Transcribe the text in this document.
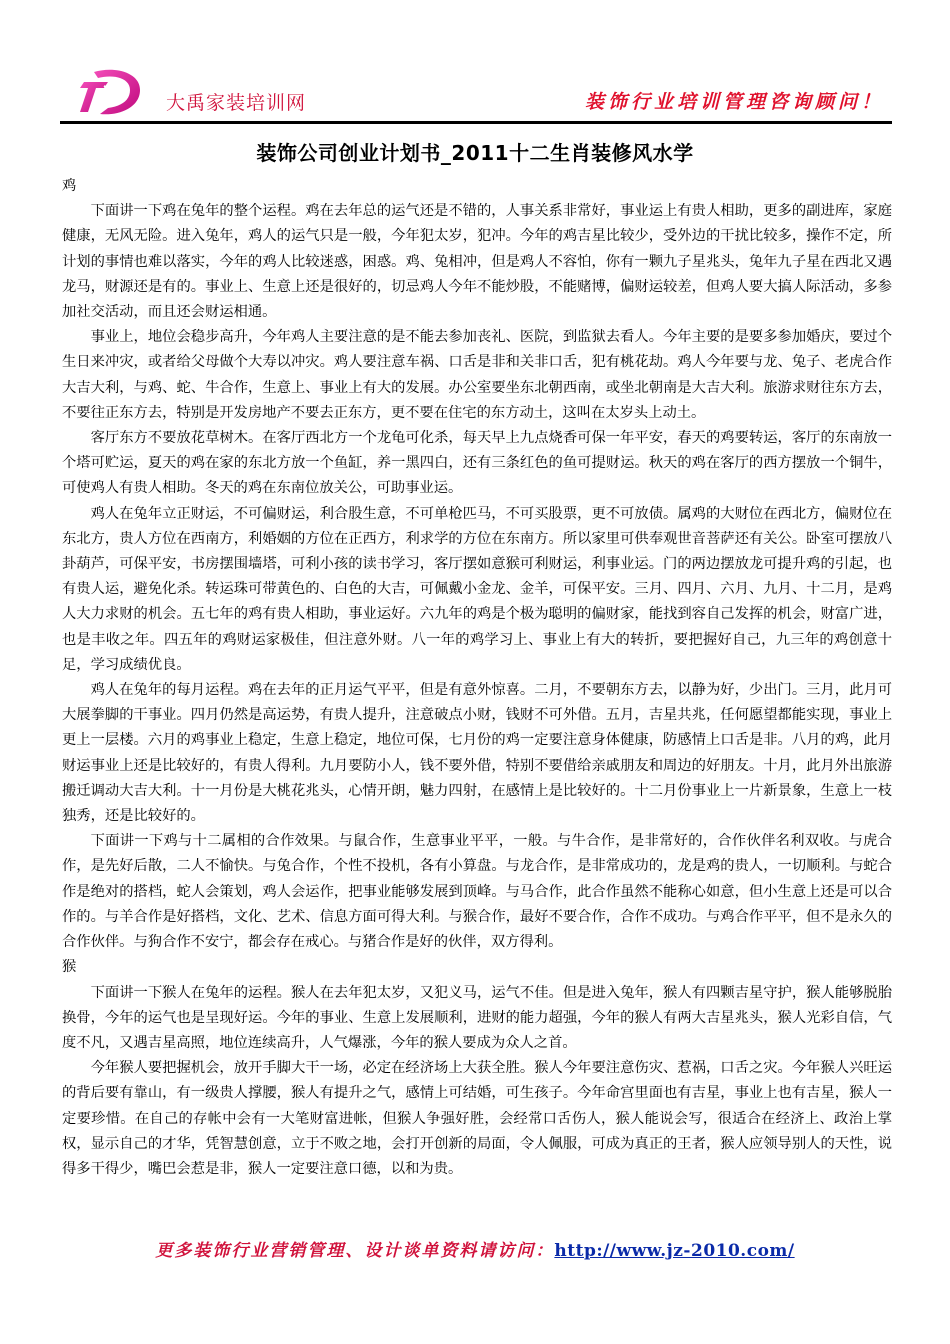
大禹家装培训网	装饰行业培训管理咨询顾问！
装饰公司创业计划书_2011十二生肖装修风水学

鸡

下面讲一下鸡在兔年的整个运程。鸡在去年总的运气还是不错的，人事关系非常好，事业运上有贵人相助，更多的副进库，家庭健康，无风无险。进入兔年，鸡人的运气只是一般，今年犯太岁，犯冲。今年的鸡吉星比较少，受外边的干扰比较多，操作不定，所计划的事情也难以落实，今年的鸡人比较迷惑，困惑。鸡、兔相冲，但是鸡人不容怕，你有一颗九子星兆头，兔年九子星在西北又遇龙马，财源还是有的。事业上、生意上还是很好的，切忌鸡人今年不能炒股，不能赌博，偏财运较差，但鸡人要大搞人际活动，多参加社交活动，而且还会财运相通。

事业上，地位会稳步高升，今年鸡人主要注意的是不能去参加丧礼、医院，到监狱去看人。今年主要的是要多参加婚庆，要过个生日来冲灾，或者给父母做个大寿以冲灾。鸡人要注意车祸、口舌是非和关非口舌，犯有桃花劫。鸡人今年要与龙、兔子、老虎合作大吉大利，与鸡、蛇、牛合作，生意上、事业上有大的发展。办公室要坐东北朝西南，或坐北朝南是大吉大利。旅游求财往东方去，不要往正东方去，特别是开发房地产不要去正东方，更不要在住宅的东方动土，这叫在太岁头上动土。

客厅东方不要放花草树木。在客厅西北方一个龙龟可化杀，每天早上九点烧香可保一年平安，春天的鸡要转运，客厅的东南放一个塔可贮运，夏天的鸡在家的东北方放一个鱼缸，养一黑四白，还有三条红色的鱼可提财运。秋天的鸡在客厅的西方摆放一个铜牛，可使鸡人有贵人相助。冬天的鸡在东南位放关公，可助事业运。

鸡人在兔年立正财运，不可偏财运，利合股生意，不可单枪匹马，不可买股票，更不可放债。属鸡的大财位在西北方，偏财位在东北方，贵人方位在西南方，利婚姻的方位在正西方，利求学的方位在东南方。所以家里可供奉观世音菩萨还有关公。卧室可摆放八卦葫芦，可保平安，书房摆围墙塔，可利小孩的读书学习，客厅摆如意猴可利财运，利事业运。门的两边摆放龙可提升鸡的引起，也有贵人运，避免化杀。转运珠可带黄色的、白色的大吉，可佩戴小金龙、金羊，可保平安。三月、四月、六月、九月、十二月，是鸡人大力求财的机会。五七年的鸡有贵人相助，事业运好。六九年的鸡是个极为聪明的偏财家，能找到容自己发挥的机会，财富广进，也是丰收之年。四五年的鸡财运家极佳，但注意外财。八一年的鸡学习上、事业上有大的转折，要把握好自己，九三年的鸡创意十足，学习成绩优良。

鸡人在兔年的每月运程。鸡在去年的正月运气平平，但是有意外惊喜。二月，不要朝东方去，以静为好，少出门。三月，此月可大展拳脚的干事业。四月仍然是高运势，有贵人提升，注意破点小财，钱财不可外借。五月，吉星共兆，任何愿望都能实现，事业上更上一层楼。六月的鸡事业上稳定，生意上稳定，地位可保，七月份的鸡一定要注意身体健康，防感情上口舌是非。八月的鸡，此月财运事业上还是比较好的，有贵人得利。九月要防小人，钱不要外借，特别不要借给亲戚朋友和周边的好朋友。十月，此月外出旅游搬迁调动大吉大利。十一月份是大桃花兆头，心情开朗，魅力四射，在感情上是比较好的。十二月份事业上一片新景象，生意上一枝独秀，还是比较好的。

下面讲一下鸡与十二属相的合作效果。与鼠合作，生意事业平平，一般。与牛合作，是非常好的，合作伙伴名利双收。与虎合作，是先好后散，二人不愉快。与兔合作，个性不投机，各有小算盘。与龙合作，是非常成功的，龙是鸡的贵人，一切顺利。与蛇合作是绝对的搭档，蛇人会策划，鸡人会运作，把事业能够发展到顶峰。与马合作，此合作虽然不能称心如意，但小生意上还是可以合作的。与羊合作是好搭档，文化、艺术、信息方面可得大利。与猴合作，最好不要合作，合作不成功。与鸡合作平平，但不是永久的合作伙伴。与狗合作不安宁，都会存在戒心。与猪合作是好的伙伴，双方得利。

猴

下面讲一下猴人在兔年的运程。猴人在去年犯太岁，又犯义马，运气不佳。但是进入兔年，猴人有四颗吉星守护，猴人能够脱胎换骨，今年的运气也是呈现好运。今年的事业、生意上发展顺利，进财的能力超强，今年的猴人有两大吉星兆头，猴人光彩自信，气度不凡，又遇吉星高照，地位连续高升，人气爆涨，今年的猴人要成为众人之首。

今年猴人要把握机会，放开手脚大干一场，必定在经济场上大获全胜。猴人今年要注意伤灾、惹祸，口舌之灾。今年猴人兴旺运的背后要有靠山，有一级贵人撑腰，猴人有提升之气，感情上可结婚，可生孩子。今年命宫里面也有吉星，事业上也有吉星，猴人一定要珍惜。在自己的存帐中会有一大笔财富进帐，但猴人争强好胜，会经常口舌伤人，猴人能说会写，很适合在经济上、政治上掌权，显示自己的才华，凭智慧创意，立于不败之地，会打开创新的局面，令人佩服，可成为真正的王者，猴人应领导别人的天性，说得多干得少，嘴巴会惹是非，猴人一定要注意口德，以和为贵。

更多装饰行业营销管理、设计谈单资料请访问：http://www.jz-2010.com/
